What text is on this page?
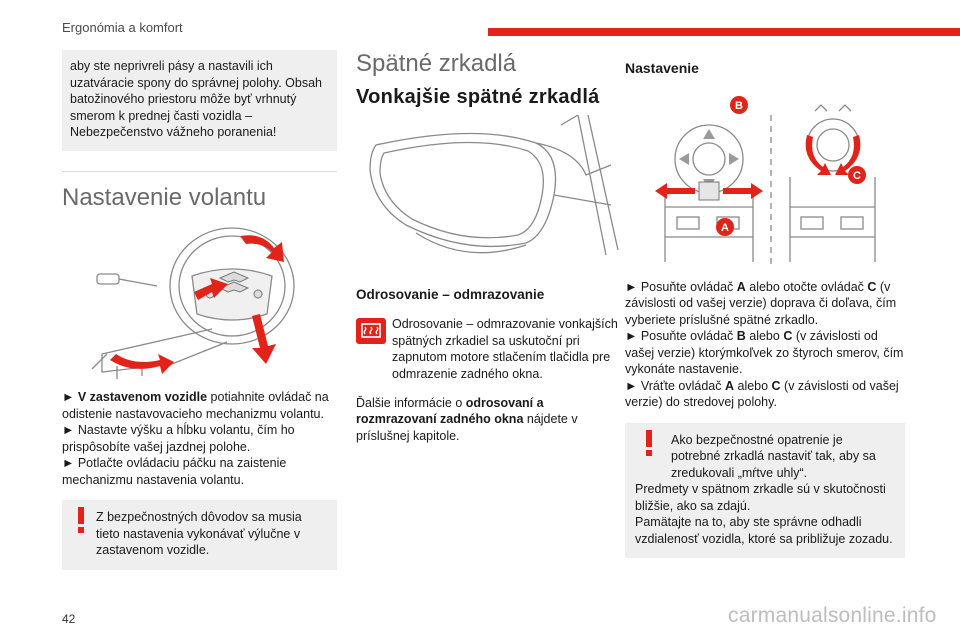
Ergonómia a komfort

aby ste neprivreli pásy a nastavili ich uzatváracie spony do správnej polohy. Obsah batožinového priestoru môže byť vrhnutý smerom k prednej časti vozidla – Nebezpečenstvo vážneho poranenia!

Nastavenie volantu

► V zastavenom vozidle potiahnite ovládač na odistenie nastavovacieho mechanizmu volantu.

► Nastavte výšku a hĺbku volantu, čím ho prispôsobíte vašej jazdnej polohe.

► Potlačte ovládaciu páčku na zaistenie mechanizmu nastavenia volantu.

Z bezpečnostných dôvodov sa musia tieto nastavenia vykonávať výlučne v zastavenom vozidle.

Spätné zrkadlá
Vonkajšie spätné zrkadlá
Odrosovanie – odmrazovanie

Odrosovanie – odmrazovanie vonkajších spätných zrkadiel sa uskutoční pri zapnutom motore stlačením tlačidla pre odmrazenie zadného okna.

Ďalšie informácie o odrosovaní a rozmrazovaní zadného okna nájdete v príslušnej kapitole.

Nastavenie
B
A
C

► Posuňte ovládač A alebo otočte ovládač C (v závislosti od vašej verzie) doprava či doľava, čím vyberiete príslušné spätné zrkadlo.

► Posuňte ovládač B alebo C (v závislosti od vašej verzie) ktorýmkoľvek zo štyroch smerov, čím vykonáte nastavenie.

► Vráťte ovládač A alebo C (v závislosti od vašej verzie) do stredovej polohy.

Ako bezpečnostné opatrenie je potrebné zrkadlá nastaviť tak, aby sa zredukovali „mŕtve uhly“.

Predmety v spätnom zrkadle sú v skutočnosti bližšie, ako sa zdajú.

Pamätajte na to, aby ste správne odhadli vzdialenosť vozidla, ktoré sa približuje zozadu.

42	carmanualsonline.info
